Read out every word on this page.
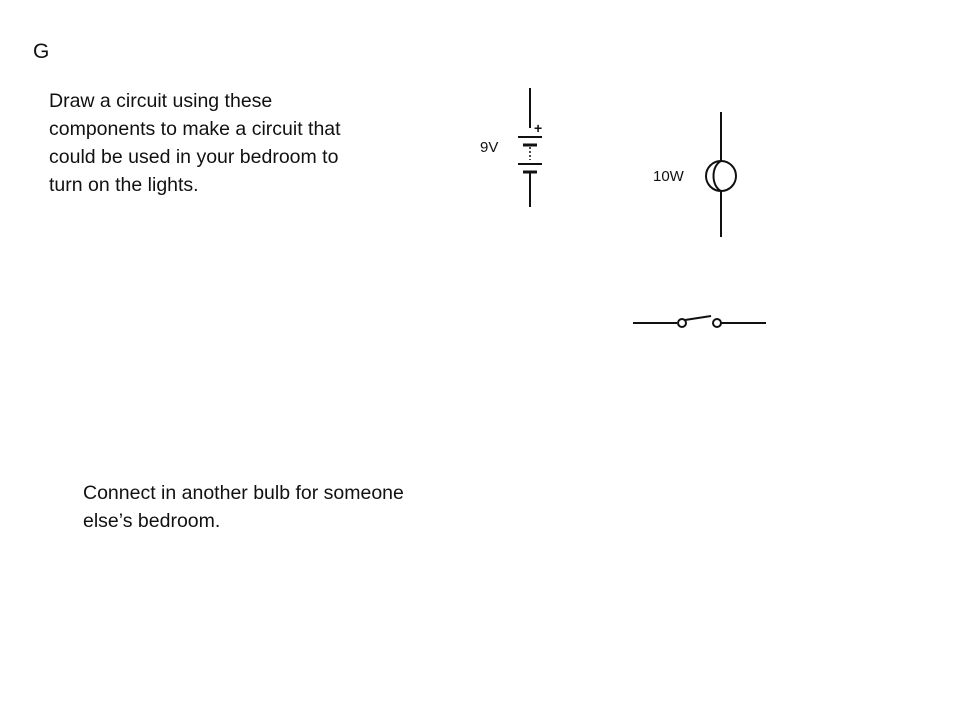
G
Draw a circuit using these
components to make a circuit that
could be used in your bedroom to
turn on the lights.
Connect in another bulb for someone
else’s bedroom.
+
9V
10W
